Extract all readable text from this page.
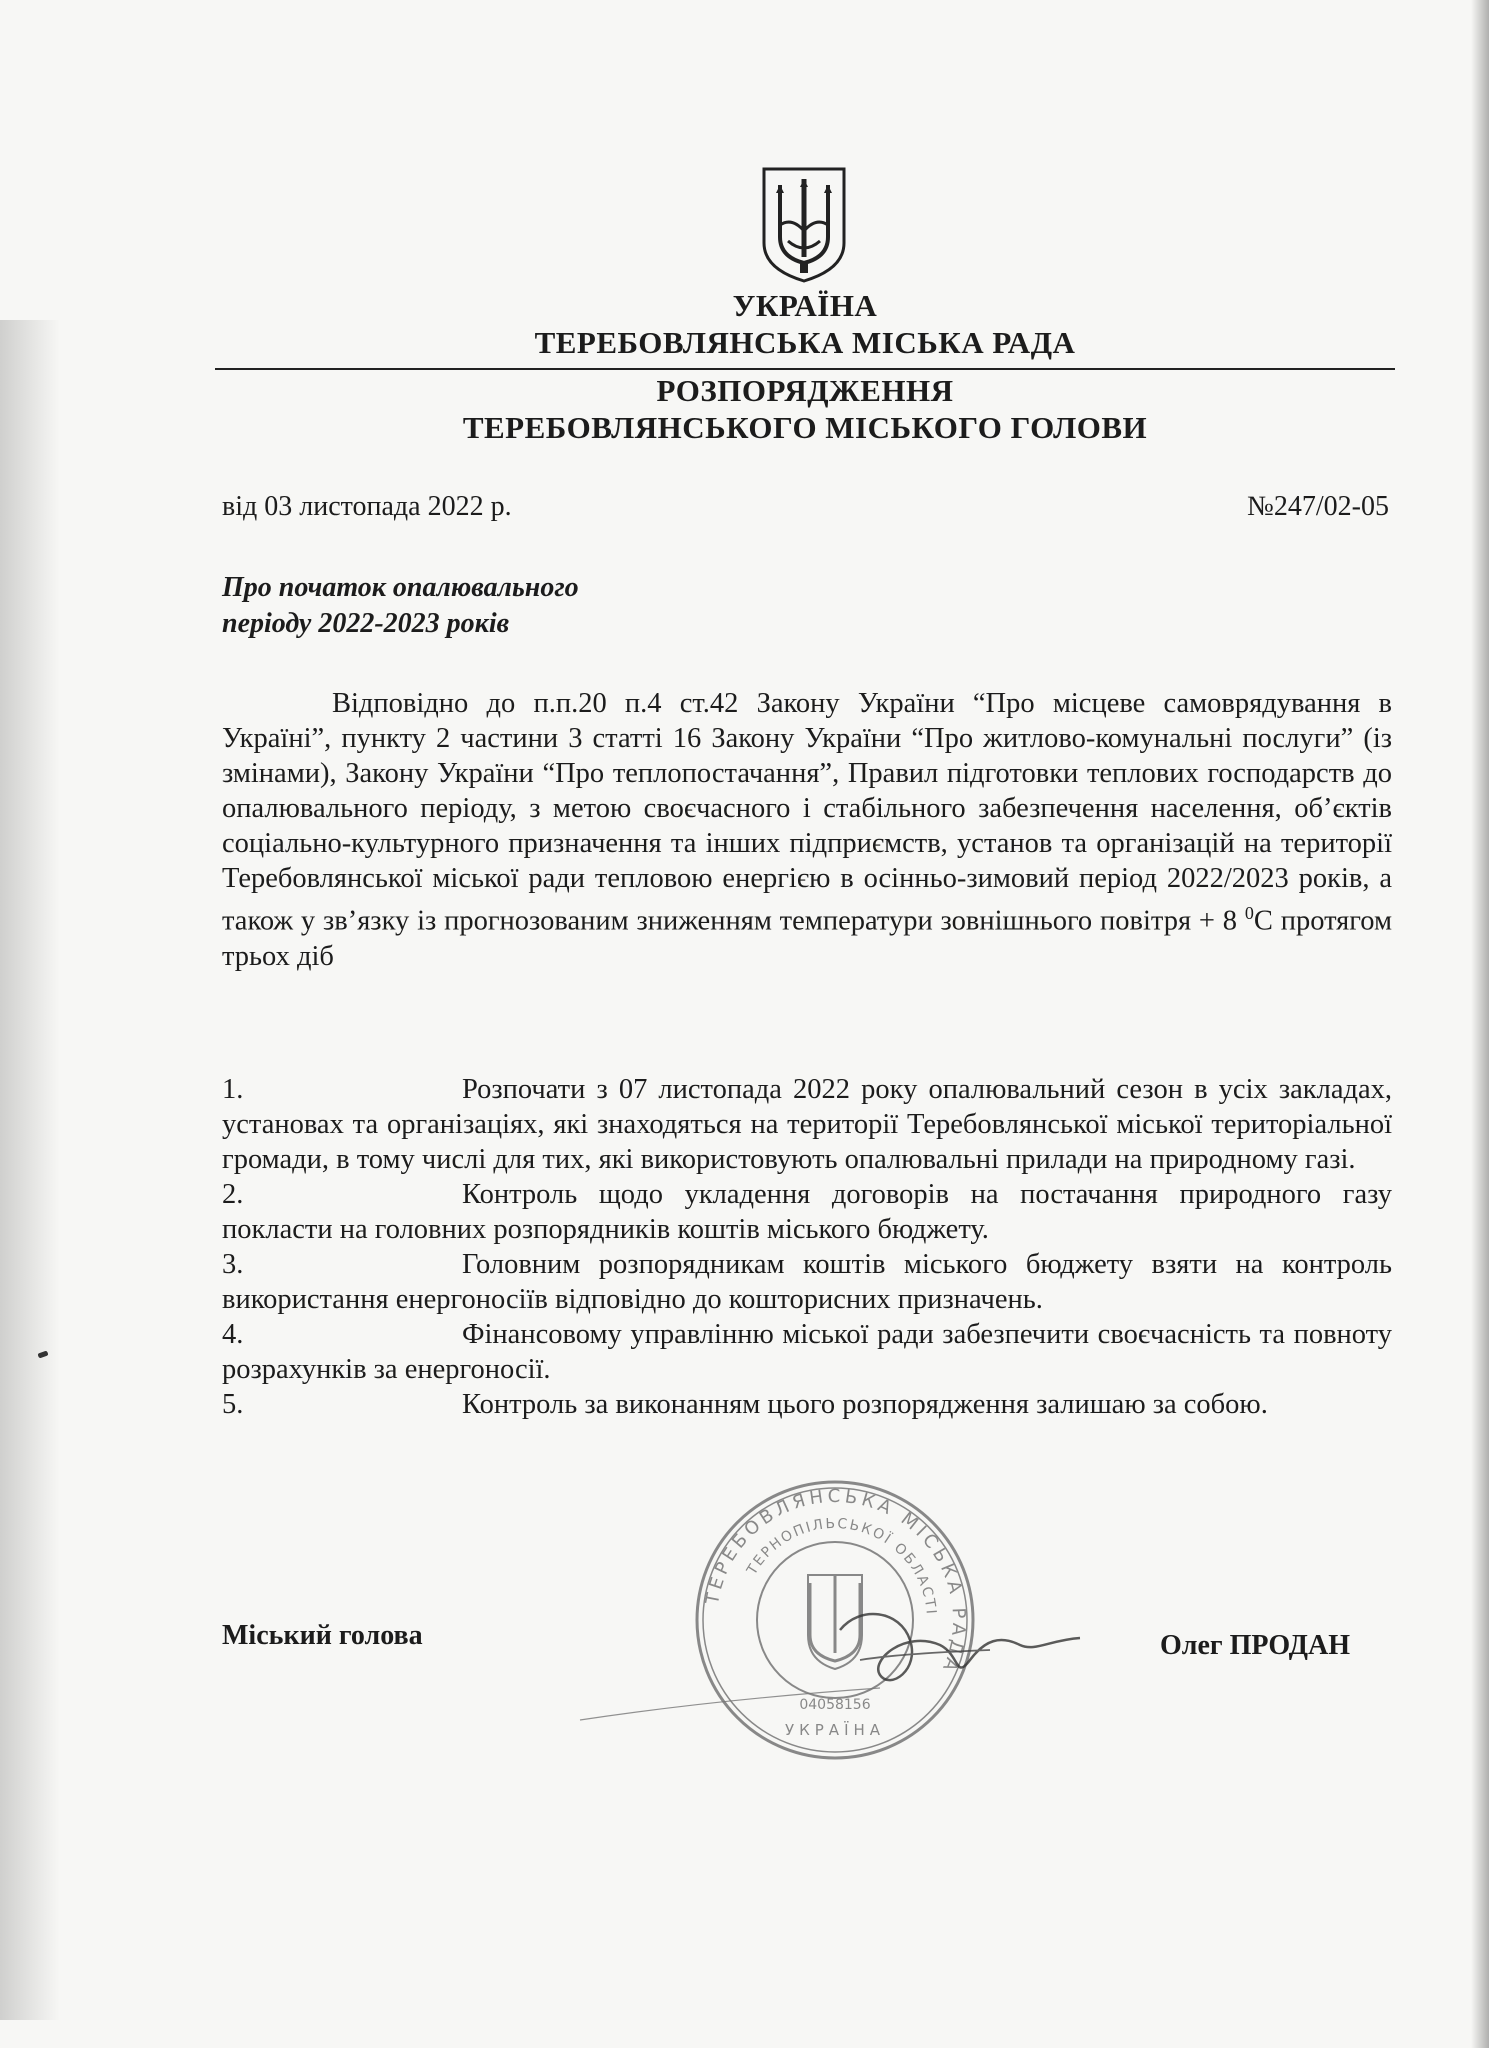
УКРАЇНА
ТЕРЕБОВЛЯНСЬКА МІСЬКА РАДА
РОЗПОРЯДЖЕННЯ
ТЕРЕБОВЛЯНСЬКОГО МІСЬКОГО ГОЛОВИ
від 03 листопада 2022 р.	№247/02-05
Про початок опалювального
періоду 2022-2023 років
Відповідно до п.п.20 п.4 ст.42 Закону України “Про місцеве самоврядування в Україні”, пункту 2 частини 3 статті 16 Закону України “Про житлово-комунальні послуги” (із змінами), Закону України “Про теплопостачання”, Правил підготовки теплових господарств до опалювального періоду, з метою своєчасного і стабільного забезпечення населення, об’єктів соціально-культурного призначення та інших підприємств, установ та організацій на території Теребовлянської міської ради тепловою енергією в осінньо-зимовий період 2022/2023 років, а також у зв’язку із прогнозованим зниженням температури зовнішнього повітря + 8 $^0$С протягом трьох діб

1.	Розпочати з 07 листопада 2022 року опалювальний сезон в усіх закладах, установах та організаціях, які знаходяться на території Теребовлянської міської територіальної громади, в тому числі для тих, які використовують опалювальні прилади на природному газі.

2.	Контроль щодо укладення договорів на постачання природного газу покласти на головних розпорядників коштів міського бюджету.

3.	Головним розпорядникам коштів міського бюджету взяти на контроль використання енергоносіїв відповідно до кошторисних призначень.

4.	Фінансовому управлінню міської ради забезпечити своєчасність та повноту розрахунків за енергоносії.

5.	Контроль за виконанням цього розпорядження залишаю за собою.

ТЕРЕБОВЛЯНСЬКА МІСЬКА РАДА
ТЕРНОПІЛЬСЬКОЇ ОБЛАСТІ
04058156
УКРАЇНА
Міський голова	Олег ПРОДАН
